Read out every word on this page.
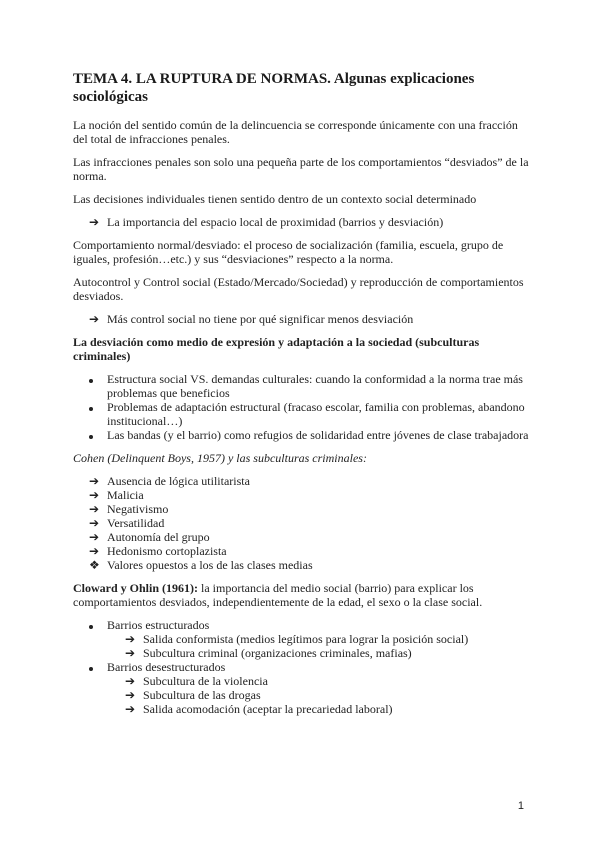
TEMA 4. LA RUPTURA DE NORMAS. Algunas explicaciones sociológicas

La noción del sentido común de la delincuencia se corresponde únicamente con una fracción del total de infracciones penales.

Las infracciones penales son solo una pequeña parte de los comportamientos “desviados” de la norma.

Las decisiones individuales tienen sentido dentro de un contexto social determinado

➔ La importancia del espacio local de proximidad (barrios y desviación)

Comportamiento normal/desviado: el proceso de socialización (familia, escuela, grupo de iguales, profesión…etc.) y sus “desviaciones” respecto a la norma.

Autocontrol y Control social (Estado/Mercado/Sociedad) y reproducción de comportamientos desviados.

➔ Más control social no tiene por qué significar menos desviación
La desviación como medio de expresión y adaptación a la sociedad (subculturas criminales)
Estructura social VS. demandas culturales: cuando la conformidad a la norma trae más problemas que beneficios
Problemas de adaptación estructural (fracaso escolar, familia con problemas, abandono institucional…)
Las bandas (y el barrio) como refugios de solidaridad entre jóvenes de clase trabajadora
Cohen (Delinquent Boys, 1957) y las subculturas criminales:
➔ Ausencia de lógica utilitarista
➔ Malicia
➔ Negativismo
➔ Versatilidad
➔ Autonomía del grupo
➔ Hedonismo cortoplazista
❖ Valores opuestos a los de las clases medias

Cloward y Ohlin (1961): la importancia del medio social (barrio) para explicar los comportamientos desviados, independientemente de la edad, el sexo o la clase social.

Barrios estructurados
➔ Salida conformista (medios legítimos para lograr la posición social)
➔ Subcultura criminal (organizaciones criminales, mafias)
Barrios desestructurados
➔ Subcultura de la violencia
➔ Subcultura de las drogas
➔ Salida acomodación (aceptar la precariedad laboral)
1
